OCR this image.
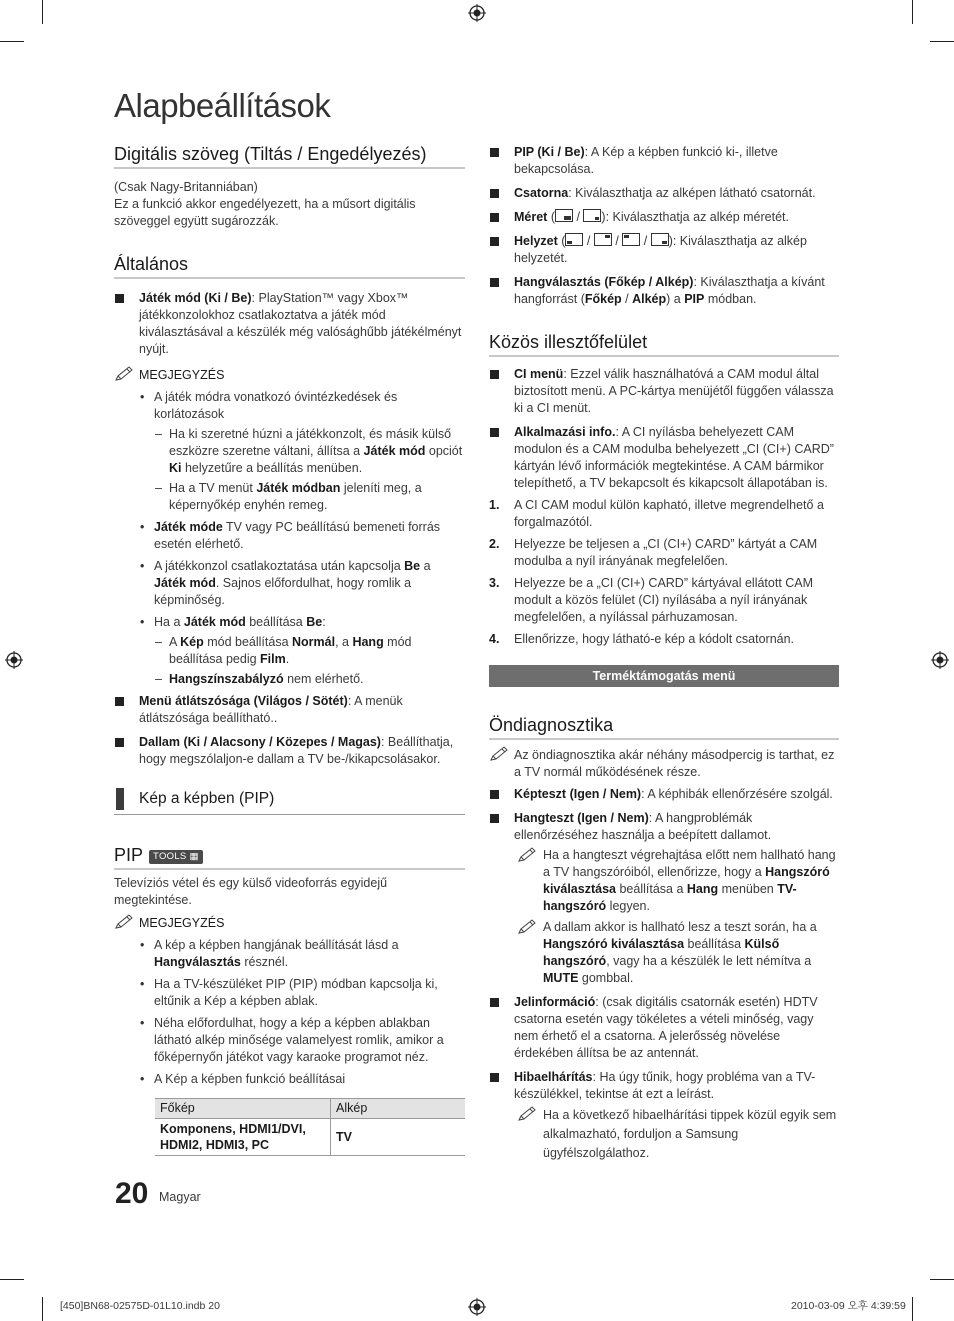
Alapbeállítások
Digitális szöveg (Tiltás / Engedélyezés)

(Csak Nagy-Britanniában)

Ez a funkció akkor engedélyezett, ha a műsort digitális szöveggel együtt sugározzák.

Általános

Játék mód (Ki / Be): PlayStation™ vagy Xbox™ játékkonzolokhoz csatlakoztatva a játék mód kiválasztásával a készülék még valósághűbb játékélményt nyújt.

MEGJEGYZÉS

• A játék módra vonatkozó óvintézkedések és korlátozások

– Ha ki szeretné húzni a játékkonzolt, és másik külső eszközre szeretne váltani, állítsa a Játék mód opciót Ki helyzetűre a beállítás menüben.

– Ha a TV menüt Játék módban jeleníti meg, a képernyőkép enyhén remeg.

• Játék móde TV vagy PC beállítású bemeneti forrás esetén elérhető.

• A játékkonzol csatlakoztatása után kapcsolja Be a Játék mód. Sajnos előfordulhat, hogy romlik a képminőség.

• Ha a Játék mód beállítása Be:

– A Kép mód beállítása Normál, a Hang mód beállítása pedig Film.

– Hangszínszabályzó nem elérhető.

Menü átlátszósága (Világos / Sötét): A menük átlátszósága beállítható..

Dallam (Ki / Alacsony / Közepes / Magas): Beállíthatja, hogy megszólaljon-e dallam a TV be-/kikapcsolásakor.

Kép a képben (PIP)
PIP TOOLS ▦

Televíziós vétel és egy külső videoforrás egyidejű megtekintése.

MEGJEGYZÉS

• A kép a képben hangjának beállítását lásd a Hangválasztás résznél.

• Ha a TV-készüléket PIP (PIP) módban kapcsolja ki, eltűnik a Kép a képben ablak.

• Néha előfordulhat, hogy a kép a képben ablakban látható alkép minősége valamelyest romlik, amikor a főképernyőn játékot vagy karaoke programot néz.

• A Kép a képben funkció beállításai

Főkép	Alkép
Komponens, HDMI1/DVI, HDMI2, HDMI3, PC	TV

PIP (Ki / Be): A Kép a képben funkció ki-, illetve bekapcsolása.

Csatorna: Kiválaszthatja az alképen látható csatornát.

Méret (
/
): Kiválaszthatja az alkép méretét.

Helyzet (
/
/
/
): Kiválaszthatja az alkép helyzetét.

Hangválasztás (Főkép / Alkép): Kiválaszthatja a kívánt hangforrást (Főkép / Alkép) a PIP módban.

Közös illesztőfelület

CI menü: Ezzel válik használhatóvá a CAM modul által biztosított menü. A PC-kártya menüjétől függően válassza ki a CI menüt.

Alkalmazási info.: A CI nyílásba behelyezett CAM modulon és a CAM modulba behelyezett „CI (CI+) CARD” kártyán lévő információk megtekintése. A CAM bármikor telepíthető, a TV bekapcsolt és kikapcsolt állapotában is.

1. A CI CAM modul külön kapható, illetve megrendelhető a forgalmazótól.

2. Helyezze be teljesen a „CI (CI+) CARD” kártyát a CAM modulba a nyíl irányának megfelelően.

3. Helyezze be a „CI (CI+) CARD” kártyával ellátott CAM modult a közös felület (CI) nyílásába a nyíl irányának megfelelően, a nyílással párhuzamosan.

4. Ellenőrizze, hogy látható-e kép a kódolt csatornán.

Terméktámogatás menü
Öndiagnosztika

Az öndiagnosztika akár néhány másodpercig is tarthat, ez a TV normál működésének része.

Képteszt (Igen / Nem): A képhibák ellenőrzésére szolgál.

Hangteszt (Igen / Nem): A hangproblémák ellenőrzéséhez használja a beépített dallamot.

Ha a hangteszt végrehajtása előtt nem hallható hang a TV hangszóróiból, ellenőrizze, hogy a Hangszóró kiválasztása beállítása a Hang menüben TV-hangszóró legyen.

A dallam akkor is hallható lesz a teszt során, ha a Hangszóró kiválasztása beállítása Külső hangszóró, vagy ha a készülék le lett némítva a MUTE gombbal.

Jelinformáció: (csak digitális csatornák esetén) HDTV csatorna esetén vagy tökéletes a vételi minőség, vagy nem érhető el a csatorna. A jelerősség növelése érdekében állítsa be az antennát.

Hibaelhárítás: Ha úgy tűnik, hogy probléma van a TV-készülékkel, tekintse át ezt a leírást.

Ha a következő hibaelhárítási tippek közül egyik sem alkalmazható, forduljon a Samsung ügyfélszolgálathoz.

20 Magyar
[450]BN68-02575D-01L10.indb 20	2010-03-09 오후 4:39:59
